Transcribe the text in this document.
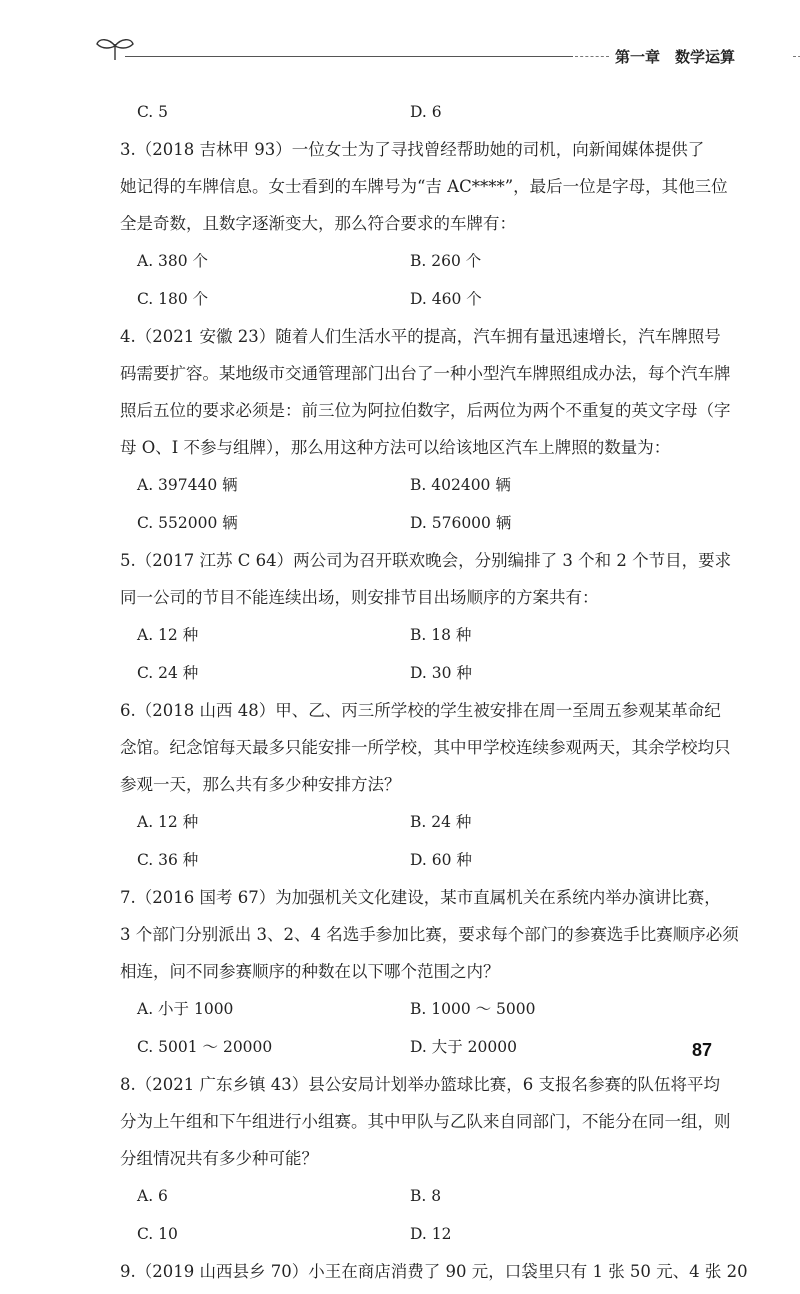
第一章　数学运算
C. 5	D. 6
3.（2018 吉林甲 93）一位女士为了寻找曾经帮助她的司机，向新闻媒体提供了
她记得的车牌信息。女士看到的车牌号为“吉 AC****”，最后一位是字母，其他三位
全是奇数，且数字逐渐变大，那么符合要求的车牌有：
A. 380 个	B. 260 个
C. 180 个	D. 460 个
4.（2021 安徽 23）随着人们生活水平的提高，汽车拥有量迅速增长，汽车牌照号
码需要扩容。某地级市交通管理部门出台了一种小型汽车牌照组成办法，每个汽车牌
照后五位的要求必须是：前三位为阿拉伯数字，后两位为两个不重复的英文字母（字
母 O、I 不参与组牌），那么用这种方法可以给该地区汽车上牌照的数量为：
A. 397440 辆	B. 402400 辆
C. 552000 辆	D. 576000 辆
5.（2017 江苏 C 64）两公司为召开联欢晚会，分别编排了 3 个和 2 个节目，要求
同一公司的节目不能连续出场，则安排节目出场顺序的方案共有：
A. 12 种	B. 18 种
C. 24 种	D. 30 种
6.（2018 山西 48）甲、乙、丙三所学校的学生被安排在周一至周五参观某革命纪
念馆。纪念馆每天最多只能安排一所学校，其中甲学校连续参观两天，其余学校均只
参观一天，那么共有多少种安排方法？
A. 12 种	B. 24 种
C. 36 种	D. 60 种
7.（2016 国考 67）为加强机关文化建设，某市直属机关在系统内举办演讲比赛，
3 个部门分别派出 3、2、4 名选手参加比赛，要求每个部门的参赛选手比赛顺序必须
相连，问不同参赛顺序的种数在以下哪个范围之内？
A. 小于 1000	B. 1000 ～ 5000
C. 5001 ～ 20000	D. 大于 20000
8.（2021 广东乡镇 43）县公安局计划举办篮球比赛，6 支报名参赛的队伍将平均
分为上午组和下午组进行小组赛。其中甲队与乙队来自同部门，不能分在同一组，则
分组情况共有多少种可能？
A. 6	B. 8
C. 10	D. 12
9.（2019 山西县乡 70）小王在商店消费了 90 元，口袋里只有 1 张 50 元、4 张 20
87
